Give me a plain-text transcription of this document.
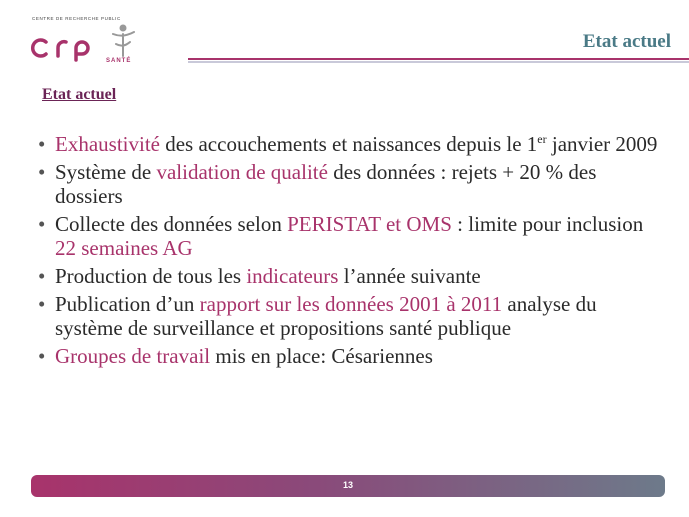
CENTRE DE RECHERCHE PUBLIC
SANTÉ
Etat actuel
Etat actuel
• Exhaustivité des accouchements et naissances depuis le 1er janvier 2009
• Système de validation de qualité des données : rejets + 20 % des dossiers
• Collecte des données selon PERISTAT et OMS : limite pour inclusion 22 semaines AG
• Production de tous les indicateurs l’année suivante
• Publication d’un rapport sur les données 2001 à 2011 analyse du système de surveillance et propositions santé publique
• Groupes de travail mis en place: Césariennes
13
